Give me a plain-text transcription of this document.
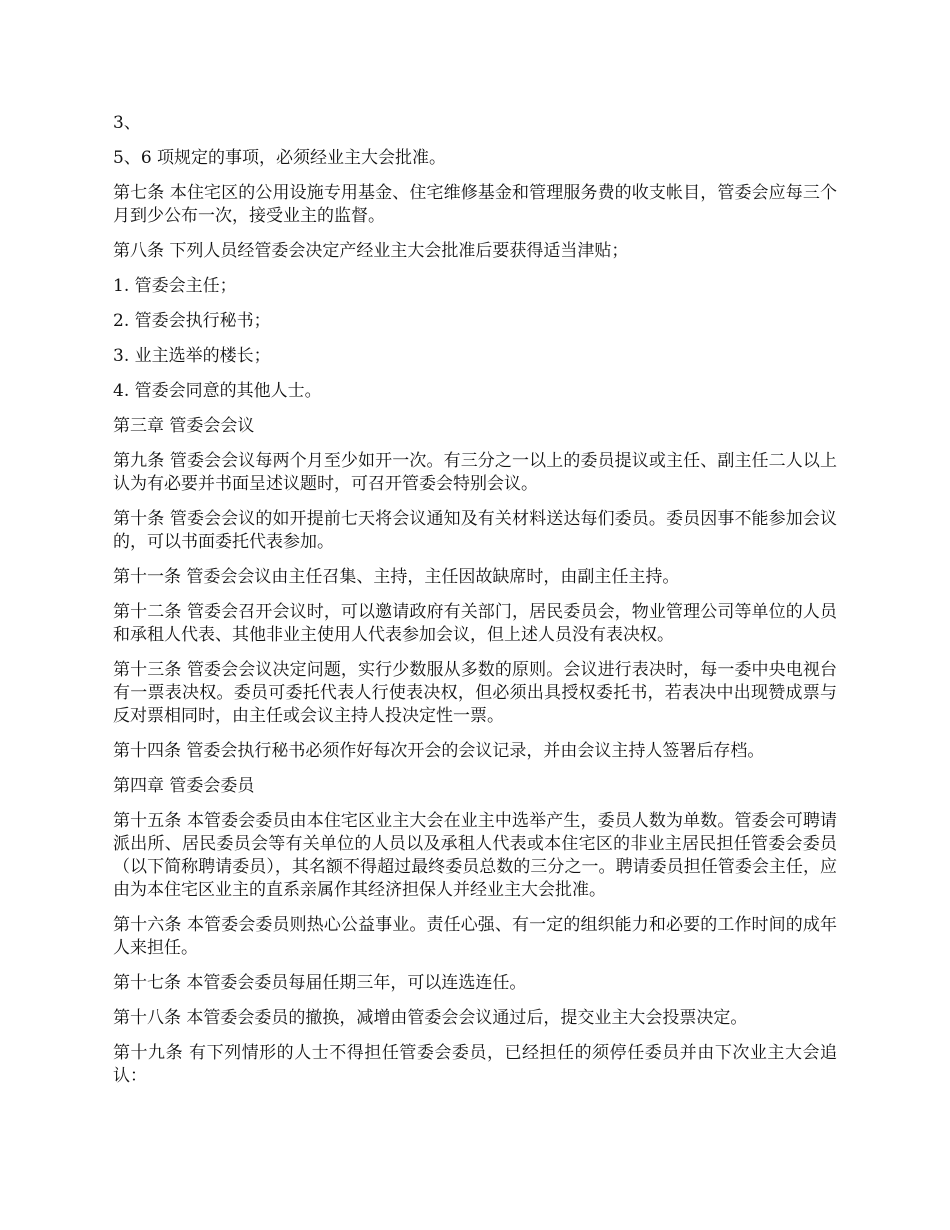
3、

5、6 项规定的事项，必须经业主大会批准。

第七条 本住宅区的公用设施专用基金、住宅维修基金和管理服务费的收支帐目，管委会应每三个月到少公布一次，接受业主的监督。

第八条 下列人员经管委会决定产经业主大会批准后要获得适当津贴；

1. 管委会主任；

2. 管委会执行秘书；

3. 业主选举的楼长；

4. 管委会同意的其他人士。

第三章 管委会会议

第九条 管委会会议每两个月至少如开一次。有三分之一以上的委员提议或主任、副主任二人以上认为有必要并书面呈述议题时，可召开管委会特别会议。

第十条 管委会会议的如开提前七天将会议通知及有关材料送达每们委员。委员因事不能参加会议的，可以书面委托代表参加。

第十一条 管委会会议由主任召集、主持，主任因故缺席时，由副主任主持。

第十二条 管委会召开会议时，可以邀请政府有关部门，居民委员会，物业管理公司等单位的人员和承租人代表、其他非业主使用人代表参加会议，但上述人员没有表决权。

第十三条 管委会会议决定问题，实行少数服从多数的原则。会议进行表决时，每一委中央电视台有一票表决权。委员可委托代表人行使表决权，但必须出具授权委托书，若表决中出现赞成票与反对票相同时，由主任或会议主持人投决定性一票。

第十四条 管委会执行秘书必须作好每次开会的会议记录，并由会议主持人签署后存档。

第四章 管委会委员

第十五条 本管委会委员由本住宅区业主大会在业主中选举产生，委员人数为单数。管委会可聘请派出所、居民委员会等有关单位的人员以及承租人代表或本住宅区的非业主居民担任管委会委员（以下简称聘请委员），其名额不得超过最终委员总数的三分之一。聘请委员担任管委会主任，应由为本住宅区业主的直系亲属作其经济担保人并经业主大会批准。

第十六条 本管委会委员则热心公益事业。责任心强、有一定的组织能力和必要的工作时间的成年人来担任。

第十七条 本管委会委员每届任期三年，可以连选连任。

第十八条 本管委会委员的撤换，减增由管委会会议通过后，提交业主大会投票决定。

第十九条 有下列情形的人士不得担任管委会委员，已经担任的须停任委员并由下次业主大会追认：
